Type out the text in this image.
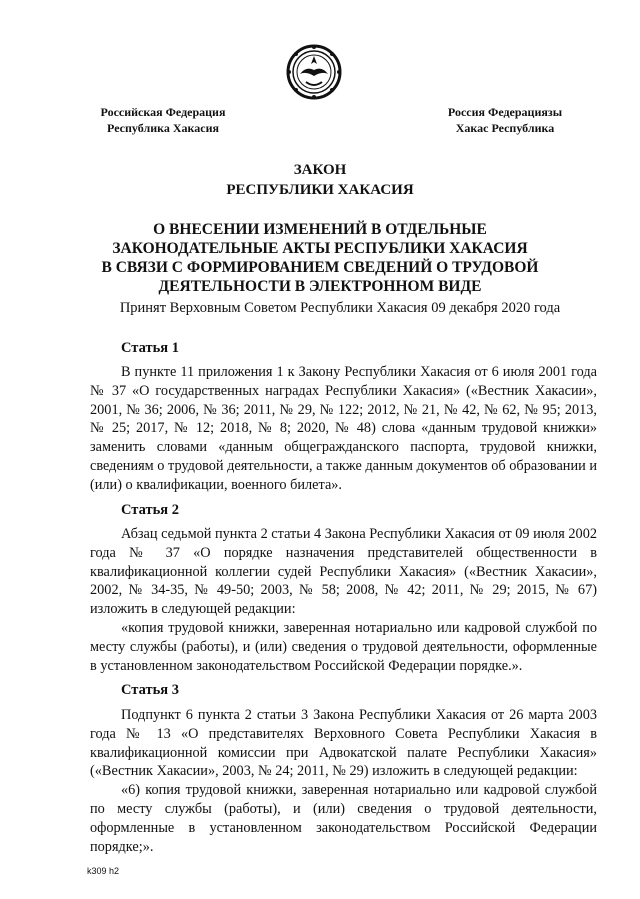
Российская Федерация
Республика Хакасия
Россия Федерациязы
Хакас Республика
ЗАКОН
РЕСПУБЛИКИ ХАКАСИЯ
О ВНЕСЕНИИ ИЗМЕНЕНИЙ В ОТДЕЛЬНЫЕ
ЗАКОНОДАТЕЛЬНЫЕ АКТЫ РЕСПУБЛИКИ ХАКАСИЯ
В СВЯЗИ С ФОРМИРОВАНИЕМ СВЕДЕНИЙ О ТРУДОВОЙ
ДЕЯТЕЛЬНОСТИ В ЭЛЕКТРОННОМ ВИДЕ
Принят Верховным Советом Республики Хакасия 09 декабря 2020 года
Статья 1

В пункте 11 приложения 1 к Закону Республики Хакасия от 6 июля 2001 года № 37 «О государственных наградах Республики Хакасия» («Вестник Хакасии», 2001, № 36; 2006, № 36; 2011, № 29, № 122; 2012, № 21, № 42, № 62, № 95; 2013, № 25; 2017, № 12; 2018, № 8; 2020, № 48) слова «данным трудовой книжки» заменить словами «данным общегражданского паспорта, трудовой книжки, сведениям о трудовой деятельности, а также данным документов об образовании и (или) о квалификации, военного билета».

Статья 2

Абзац седьмой пункта 2 статьи 4 Закона Республики Хакасия от 09 июля 2002 года № 37 «О порядке назначения представителей общественности в квалификационной коллегии судей Республики Хакасия» («Вестник Хакасии», 2002, № 34-35, № 49-50; 2003, № 58; 2008, № 42; 2011, № 29; 2015, № 67) изложить в следующей редакции:

«копия трудовой книжки, заверенная нотариально или кадровой службой по месту службы (работы), и (или) сведения о трудовой деятельности, оформленные в установленном законодательством Российской Федерации порядке.».

Статья 3

Подпункт 6 пункта 2 статьи 3 Закона Республики Хакасия от 26 марта 2003 года № 13 «О представителях Верховного Совета Республики Хакасия в квалификационной комиссии при Адвокатской палате Республики Хакасия» («Вестник Хакасии», 2003, № 24; 2011, № 29) изложить в следующей редакции:

«6) копия трудовой книжки, заверенная нотариально или кадровой службой по месту службы (работы), и (или) сведения о трудовой деятельности, оформленные в установленном законодательством Российской Федерации порядке;».

k309 h2
